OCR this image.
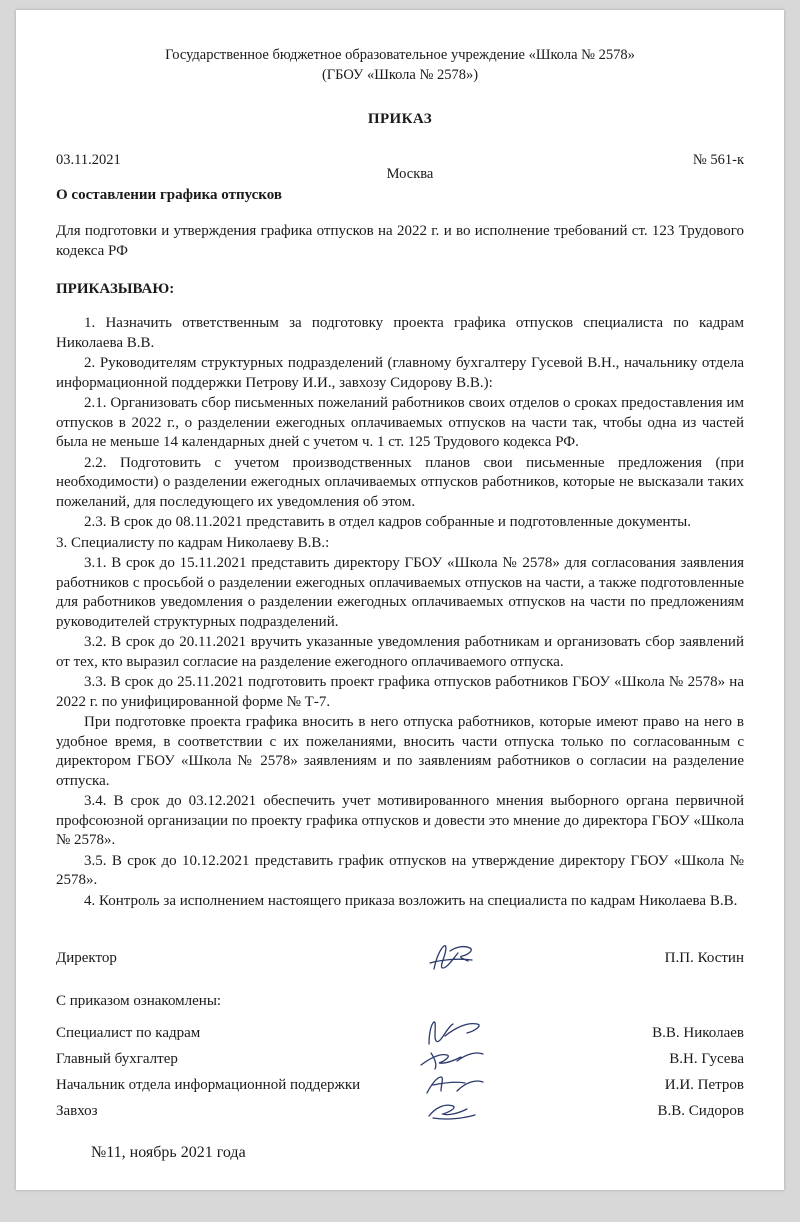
Государственное бюджетное образовательное учреждение «Школа № 2578»
(ГБОУ «Школа № 2578»)
ПРИКАЗ
03.11.2021	№ 561-к
Москва
О составлении графика отпусков
Для подготовки и утверждения графика отпусков на 2022 г. и во исполнение требований ст. 123 Трудового кодекса РФ
ПРИКАЗЫВАЮ:

1. Назначить ответственным за подготовку проекта графика отпусков специалиста по кадрам Николаева В.В.

2. Руководителям структурных подразделений (главному бухгалтеру Гусевой В.Н., начальнику отдела информационной поддержки Петрову И.И., завхозу Сидорову В.В.):

2.1. Организовать сбор письменных пожеланий работников своих отделов о сроках предоставления им отпусков в 2022 г., о разделении ежегодных оплачиваемых отпусков на части так, чтобы одна из частей была не меньше 14 календарных дней с учетом ч. 1 ст. 125 Трудового кодекса РФ.

2.2. Подготовить с учетом производственных планов свои письменные предложения (при необходимости) о разделении ежегодных оплачиваемых отпусков работников, которые не высказали таких пожеланий, для последующего их уведомления об этом.

2.3. В срок до 08.11.2021 представить в отдел кадров собранные и подготовленные документы.

3. Специалисту по кадрам Николаеву В.В.:

3.1. В срок до 15.11.2021 представить директору ГБОУ «Школа № 2578» для согласования заявления работников с просьбой о разделении ежегодных оплачиваемых отпусков на части, а также подготовленные для работников уведомления о разделении ежегодных оплачиваемых отпусков на части по предложениям руководителей структурных подразделений.

3.2. В срок до 20.11.2021 вручить указанные уведомления работникам и организовать сбор заявлений от тех, кто выразил согласие на разделение ежегодного оплачиваемого отпуска.

3.3. В срок до 25.11.2021 подготовить проект графика отпусков работников ГБОУ «Школа № 2578» на 2022 г. по унифицированной форме № Т-7.

При подготовке проекта графика вносить в него отпуска работников, которые имеют право на него в удобное время, в соответствии с их пожеланиями, вносить части отпуска только по согласованным с директором ГБОУ «Школа № 2578» заявлениям и по заявлениям работников о согласии на разделение отпуска.

3.4. В срок до 03.12.2021 обеспечить учет мотивированного мнения выборного органа первичной профсоюзной организации по проекту графика отпусков и довести это мнение до директора ГБОУ «Школа № 2578».

3.5. В срок до 10.12.2021 представить график отпусков на утверждение директору ГБОУ «Школа № 2578».

4. Контроль за исполнением настоящего приказа возложить на специалиста по кадрам Николаева В.В.

Директор	П.П. Костин
С приказом ознакомлены:
Специалист по кадрам	В.В. Николаев
Главный бухгалтер	В.Н. Гусева
Начальник отдела информационной поддержки	И.И. Петров
Завхоз	В.В. Сидоров
№11, ноябрь 2021 года
